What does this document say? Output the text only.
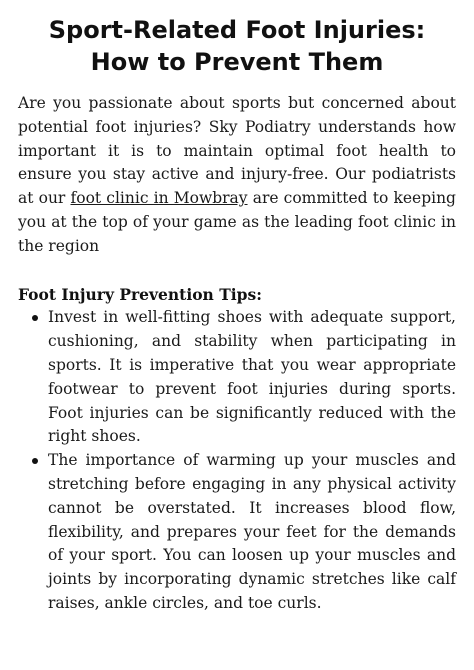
Sport-Related Foot Injuries: How to Prevent Them

Are you passionate about sports but concerned about potential foot injuries? Sky Podiatry understands how important it is to maintain optimal foot health to ensure you stay active and injury-free. Our podiatrists at our foot clinic in Mowbray are committed to keeping you at the top of your game as the leading foot clinic in the region

Foot Injury Prevention Tips:
Invest in well-fitting shoes with adequate support, cushioning, and stability when participating in sports. It is imperative that you wear appropriate footwear to prevent foot injuries during sports. Foot injuries can be significantly reduced with the right shoes.
The importance of warming up your muscles and stretching before engaging in any physical activity cannot be overstated. It increases blood flow, flexibility, and prepares your feet for the demands of your sport. You can loosen up your muscles and joints by incorporating dynamic stretches like calf raises, ankle circles, and toe curls.
